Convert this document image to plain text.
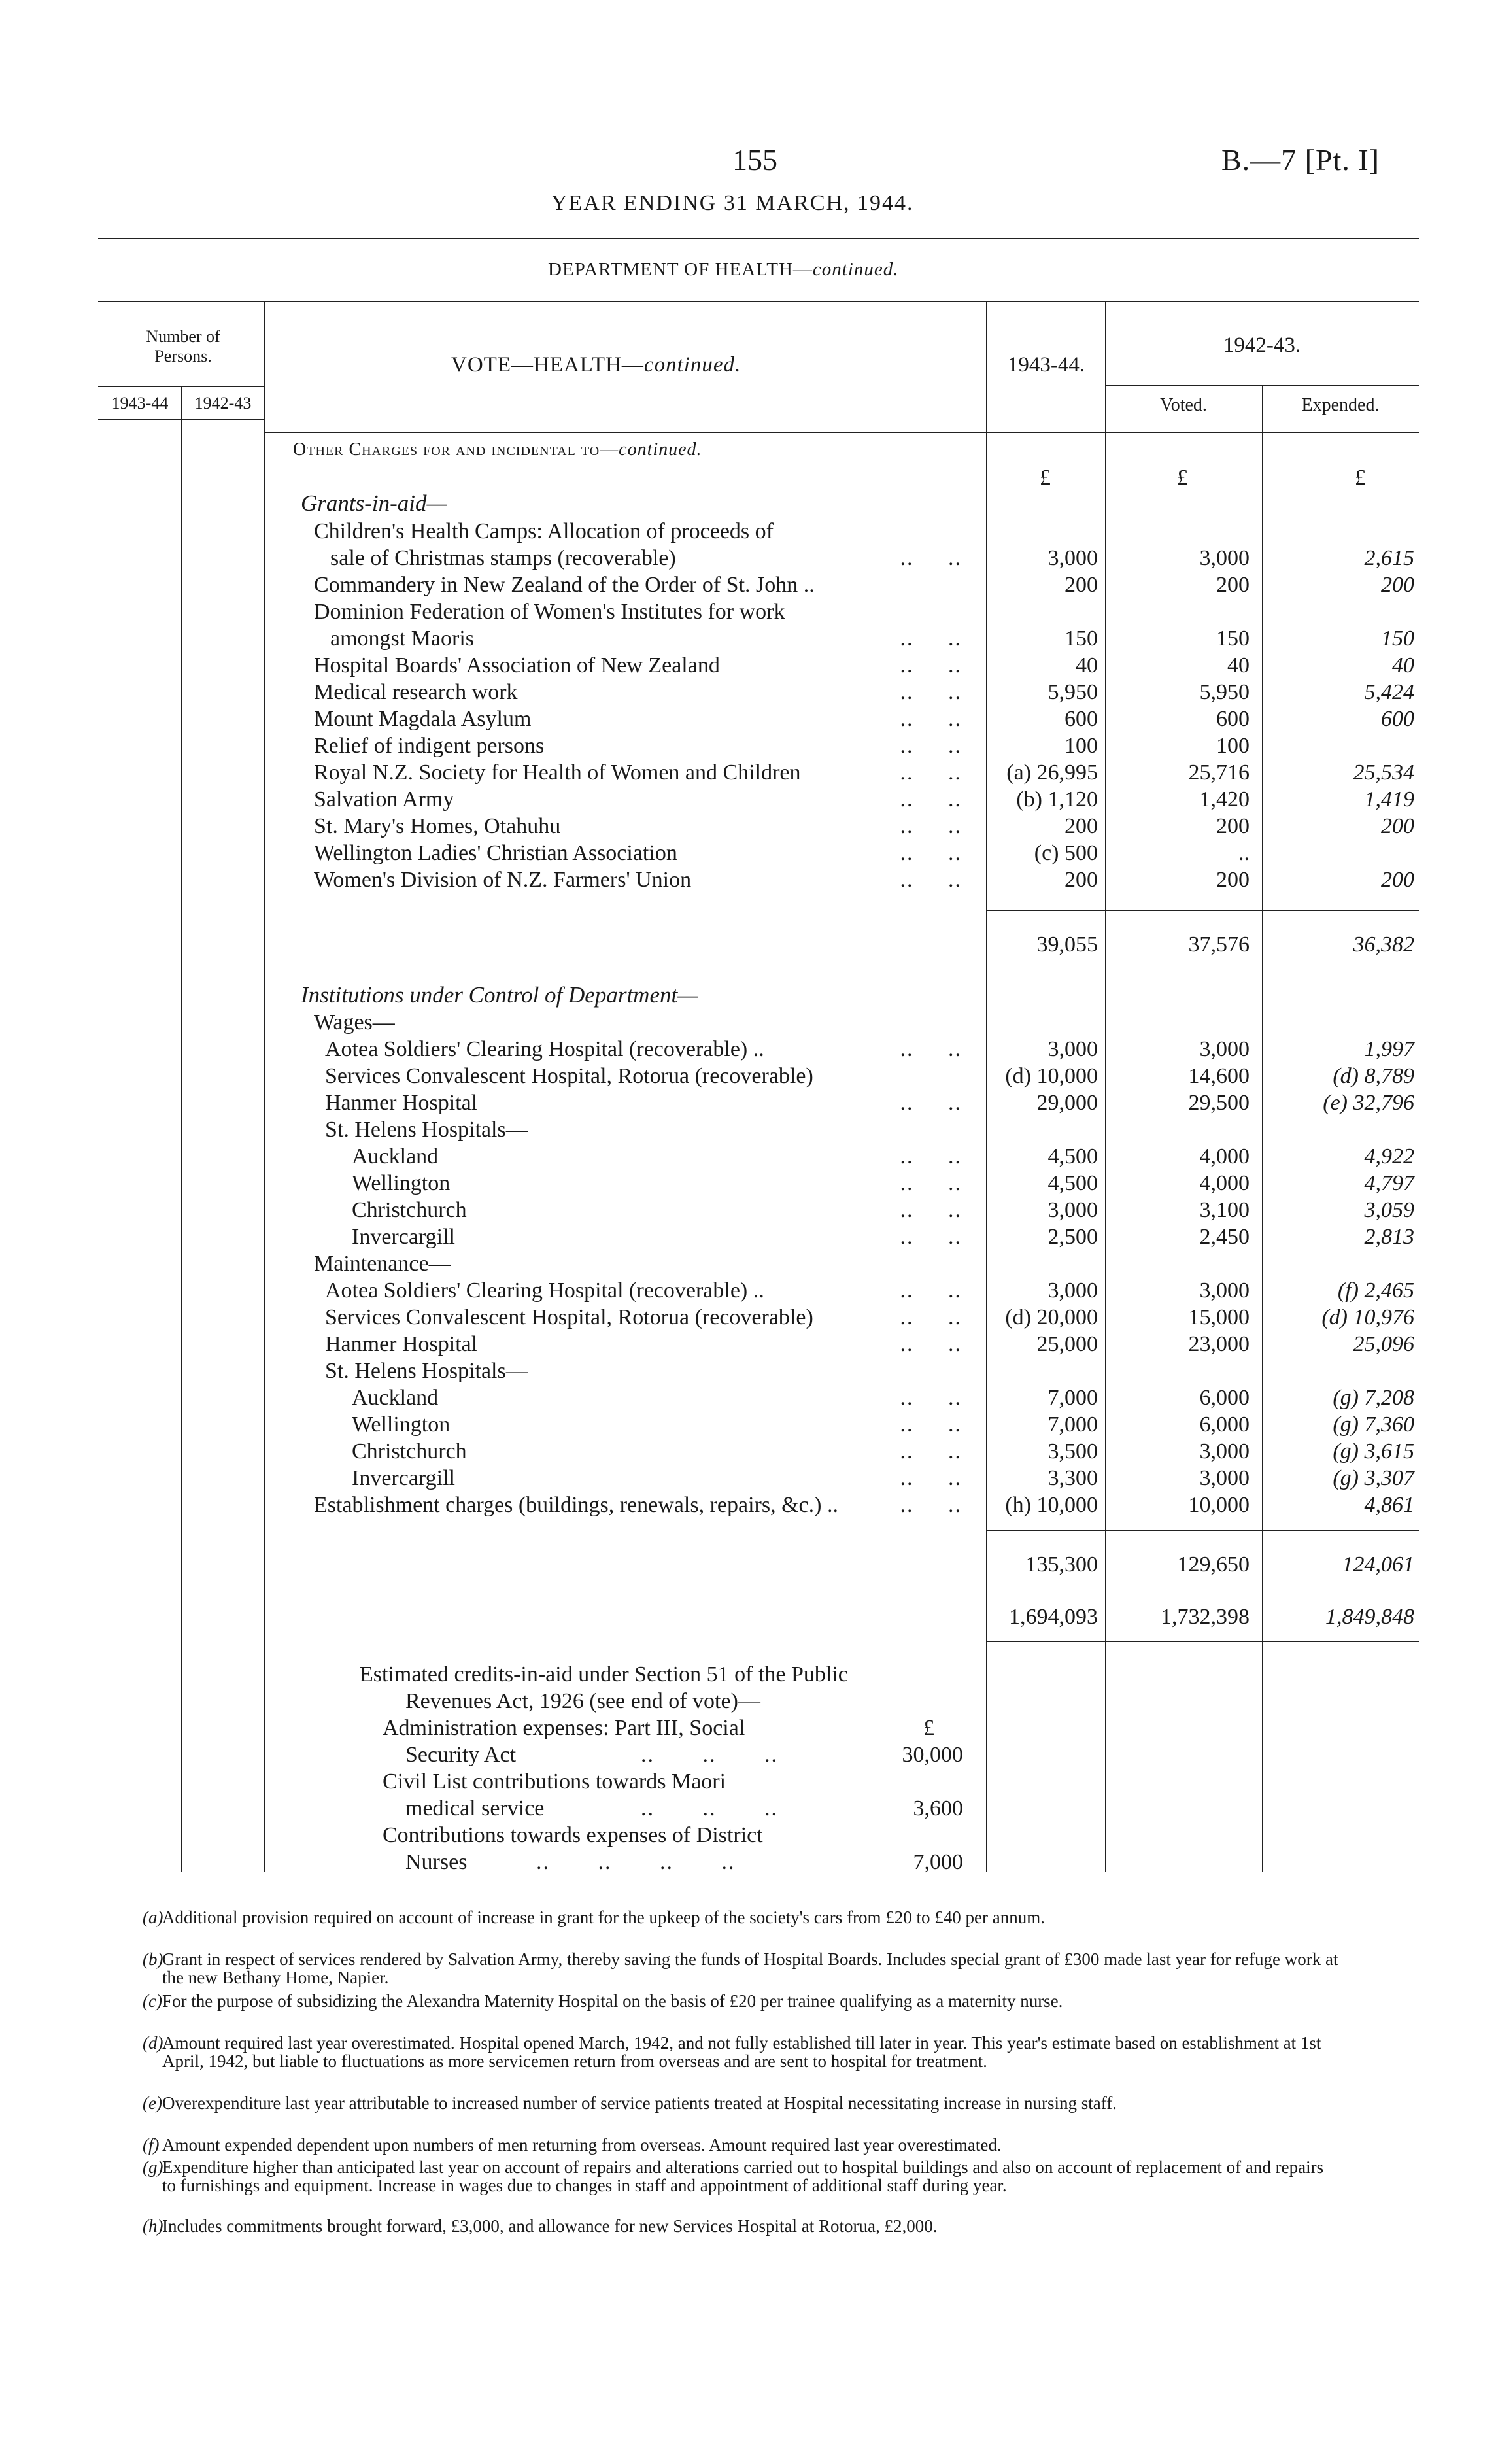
155	B.—7 [Pt. I]
YEAR ENDING 31 MARCH, 1944.
DEPARTMENT OF HEALTH—continued.
Number of Persons.
1943-44	1942-43
VOTE—HEALTH—continued.	1943-44.
1942-43.
Voted.	Expended.
Other Charges for and incidental to—continued.
£	£	£
Grants-in-aid—
Children's Health Camps: Allocation of proceeds of
sale of Christmas stamps (recoverable)	..     ..	3,000	3,000	2,615
Commandery in New Zealand of the Order of St. John ..	200	200	200
Dominion Federation of Women's Institutes for work
amongst Maoris	..     ..	150	150	150
Hospital Boards' Association of New Zealand	..     ..	40	40	40
Medical research work	..     ..	5,950	5,950	5,424
Mount Magdala Asylum	..     ..	600	600	600
Relief of indigent persons	..     ..	100	100
Royal N.Z. Society for Health of Women and Children	..     ..	(a) 26,995	25,716	25,534
Salvation Army	..     ..	(b) 1,120	1,420	1,419
St. Mary's Homes, Otahuhu	..     ..	200	200	200
Wellington Ladies' Christian Association	..     ..	(c) 500	..
Women's Division of N.Z. Farmers' Union	..     ..	200	200	200
39,055	37,576	36,382
Institutions under Control of Department—
Wages—
Aotea Soldiers' Clearing Hospital (recoverable) ..	..     ..	3,000	3,000	1,997
Services Convalescent Hospital, Rotorua (recoverable)	(d) 10,000	14,600	(d) 8,789
Hanmer Hospital	..     ..	29,000	29,500	(e) 32,796
St. Helens Hospitals—
Auckland	..     ..	4,500	4,000	4,922
Wellington	..     ..	4,500	4,000	4,797
Christchurch	..     ..	3,000	3,100	3,059
Invercargill	..     ..	2,500	2,450	2,813
Maintenance—
Aotea Soldiers' Clearing Hospital (recoverable) ..	..     ..	3,000	3,000	(f) 2,465
Services Convalescent Hospital, Rotorua (recoverable)	..     ..	(d) 20,000	15,000	(d) 10,976
Hanmer Hospital	..     ..	25,000	23,000	25,096
St. Helens Hospitals—
Auckland	..     ..	7,000	6,000	(g) 7,208
Wellington	..     ..	7,000	6,000	(g) 7,360
Christchurch	..     ..	3,500	3,000	(g) 3,615
Invercargill	..     ..	3,300	3,000	(g) 3,307
Establishment charges (buildings, renewals, repairs, &c.) ..	..     ..	(h) 10,000	10,000	4,861
135,300	129,650	124,061
1,694,093	1,732,398	1,849,848
Estimated credits-in-aid under Section 51 of the Public
Revenues Act, 1926 (see end of vote)—
Administration expenses: Part III, Social	£
Security Act	..       ..       ..	30,000
Civil List contributions towards Maori
medical service	..       ..       ..	3,600
Contributions towards expenses of District
Nurses	..       ..       ..       ..	7,000
(a)
Additional provision required on account of increase in grant for the upkeep of the society's cars from £20 to £40 per annum.
(b)
Grant in respect of services rendered by Salvation Army, thereby saving the funds of Hospital Boards. Includes special grant of £300 made last year for refuge work at the new Bethany Home, Napier.
(c) For the purpose of subsidizing the Alexandra Maternity Hospital on the basis of £20 per trainee qualifying as a maternity nurse.
(d)
Amount required last year overestimated. Hospital opened March, 1942, and not fully established till later in year. This year's estimate based on establishment at 1st April, 1942, but liable to fluctuations as more servicemen return from overseas and are sent to hospital for treatment.
(e) Overexpenditure last year attributable to increased number of service patients treated at Hospital necessitating increase in nursing staff.
(f) Amount expended dependent upon numbers of men returning from overseas. Amount required last year overestimated.
(g)
Expenditure higher than anticipated last year on account of repairs and alterations carried out to hospital buildings and also on account of replacement of and repairs to furnishings and equipment. Increase in wages due to changes in staff and appointment of additional staff during year.
(h)
Includes commitments brought forward, £3,000, and allowance for new Services Hospital at Rotorua, £2,000.
